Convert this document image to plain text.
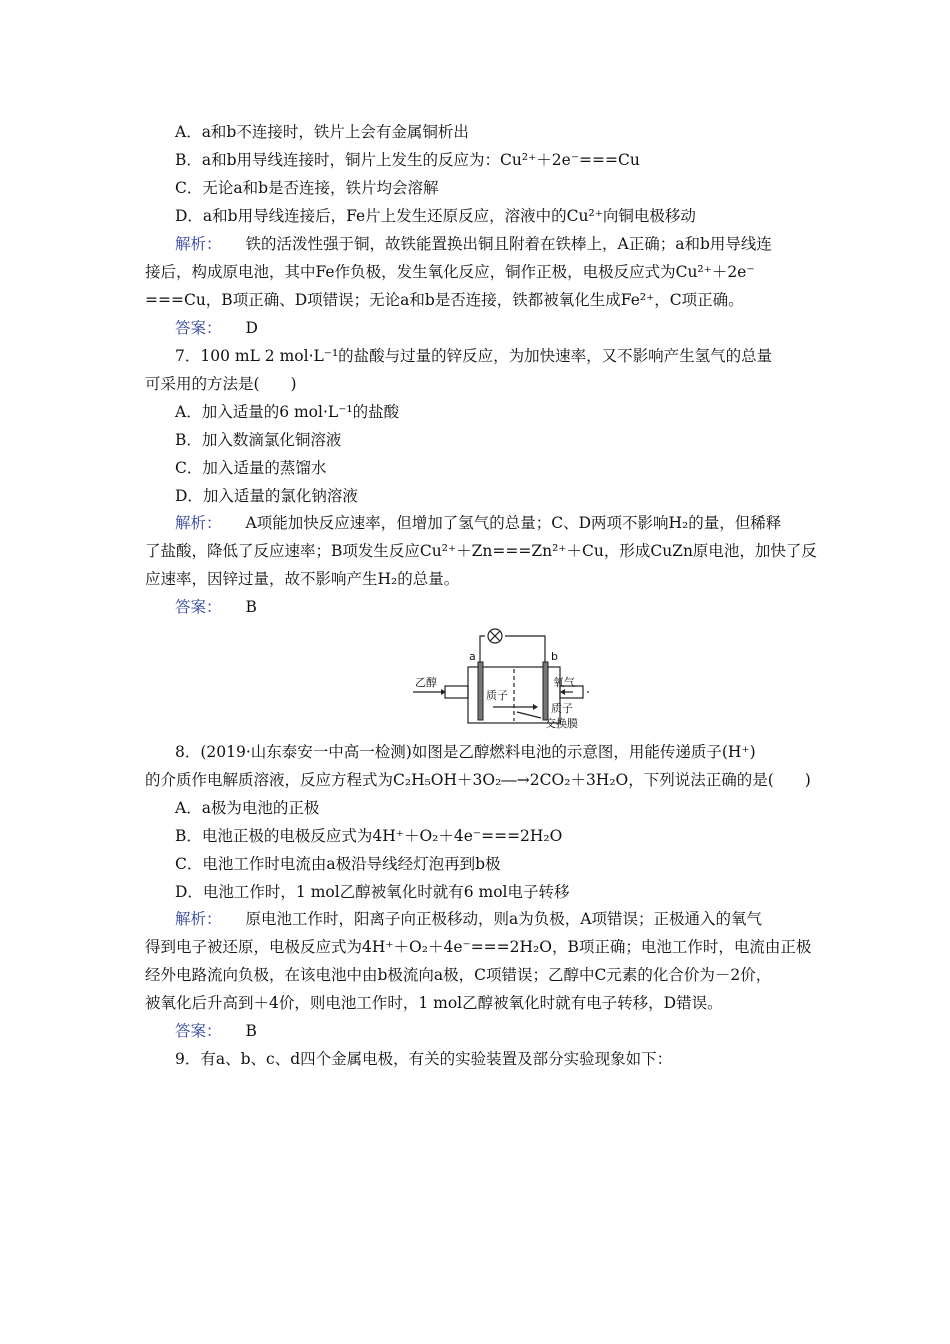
A．a和b不连接时，铁片上会有金属铜析出
B．a和b用导线连接时，铜片上发生的反应为：Cu²⁺＋2e⁻===Cu
C．无论a和b是否连接，铁片均会溶解
D．a和b用导线连接后，Fe片上发生还原反应，溶液中的Cu²⁺向铜电极移动
解析： 铁的活泼性强于铜，故铁能置换出铜且附着在铁棒上，A正确；a和b用导线连
接后，构成原电池，其中Fe作负极，发生氧化反应，铜作正极，电极反应式为Cu²⁺＋2e⁻
===Cu，B项正确、D项错误；无论a和b是否连接，铁都被氧化生成Fe²⁺，C项正确。
答案： D
7．100 mL 2 mol·L⁻¹的盐酸与过量的锌反应，为加快速率，又不影响产生氢气的总量
可采用的方法是(　　)
A．加入适量的6 mol·L⁻¹的盐酸
B．加入数滴氯化铜溶液
C．加入适量的蒸馏水
D．加入适量的氯化钠溶液
解析： A项能加快反应速率，但增加了氢气的总量；C、D两项不影响H₂的量，但稀释
了盐酸，降低了反应速率；B项发生反应Cu²⁺＋Zn===Zn²⁺＋Cu，形成CuZn原电池，加快了反
应速率，因锌过量，故不影响产生H₂的总量。
答案： B
a	b
乙醇	氧气
质子
质子
交换膜
8．(2019·山东泰安一中高一检测)如图是乙醇燃料电池的示意图，用能传递质子(H⁺)
的介质作电解质溶液，反应方程式为C₂H₅OH＋3O₂―→2CO₂＋3H₂O，下列说法正确的是(　　)
A．a极为电池的正极
B．电池正极的电极反应式为4H⁺＋O₂＋4e⁻===2H₂O
C．电池工作时电流由a极沿导线经灯泡再到b极
D．电池工作时，1 mol乙醇被氧化时就有6 mol电子转移
解析： 原电池工作时，阳离子向正极移动，则a为负极，A项错误；正极通入的氧气
得到电子被还原，电极反应式为4H⁺＋O₂＋4e⁻===2H₂O，B项正确；电池工作时，电流由正极
经外电路流向负极，在该电池中由b极流向a极，C项错误；乙醇中C元素的化合价为－2价，
被氧化后升高到＋4价，则电池工作时，1 mol乙醇被氧化时就有电子转移，D错误。
答案： B
9．有a、b、c、d四个金属电极，有关的实验装置及部分实验现象如下：
